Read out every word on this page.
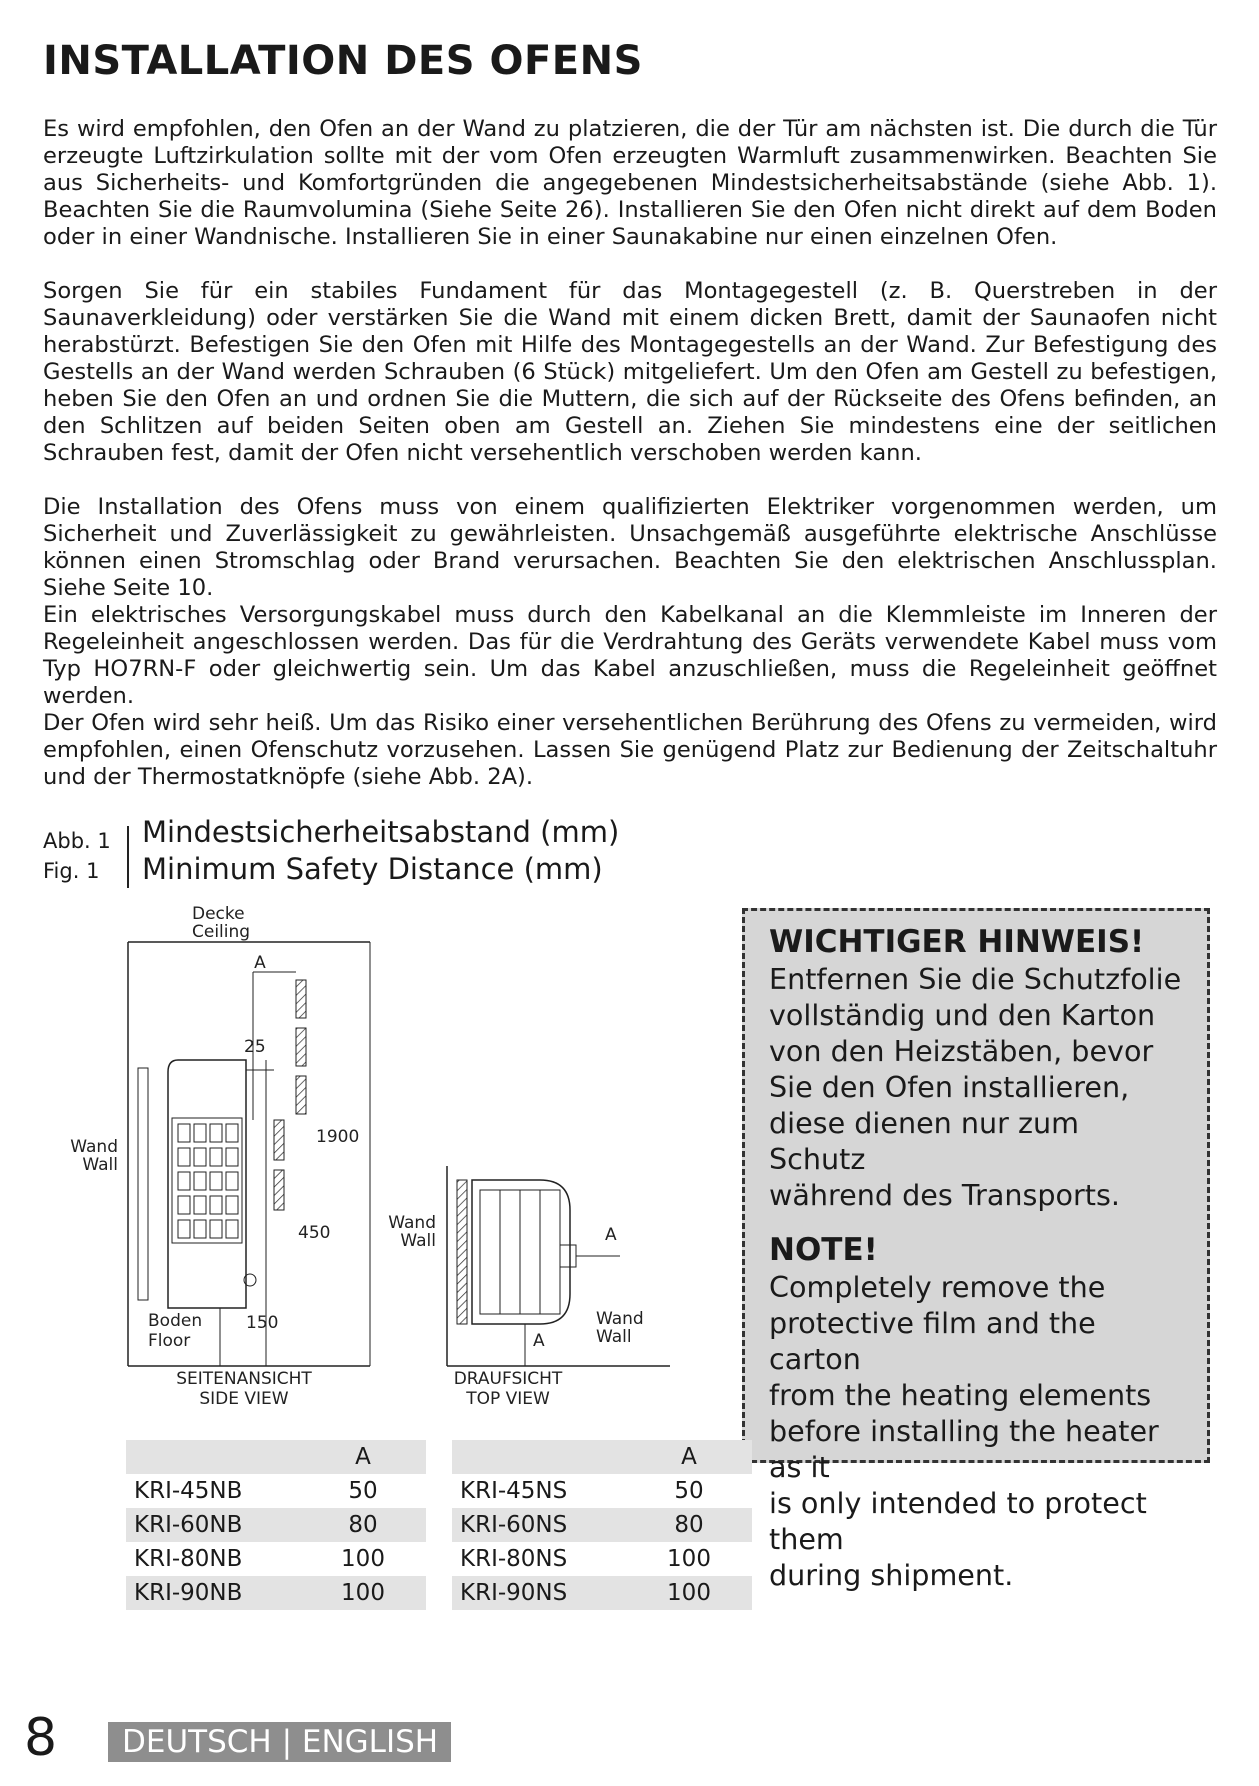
INSTALLATION DES OFENS
Es wird empfohlen, den Ofen an der Wand zu platzieren, die der Tür am nächsten ist. Die durch die Tür erzeugte Luftzirkulation sollte mit der vom Ofen erzeugten Warmluft zusammenwirken. Beachten Sie aus Sicherheits- und Komfortgründen die angegebenen Mindestsicherheitsabstände (siehe Abb. 1). Beachten Sie die Raumvolumina (Siehe Seite 26). Installieren Sie den Ofen nicht direkt auf dem Boden oder in einer Wandnische. Installieren Sie in einer Saunakabine nur einen einzelnen Ofen.
Sorgen Sie für ein stabiles Fundament für das Montagegestell (z. B. Querstreben in der Saunaverkleidung) oder verstärken Sie die Wand mit einem dicken Brett, damit der Saunaofen nicht herabstürzt. Befestigen Sie den Ofen mit Hilfe des Montagegestells an der Wand. Zur Befestigung des Gestells an der Wand werden Schrauben (6 Stück) mitgeliefert. Um den Ofen am Gestell zu befestigen, heben Sie den Ofen an und ordnen Sie die Muttern, die sich auf der Rückseite des Ofens befinden, an den Schlitzen auf beiden Seiten oben am Gestell an. Ziehen Sie mindestens eine der seitlichen Schrauben fest, damit der Ofen nicht versehentlich verschoben werden kann.
Die Installation des Ofens muss von einem qualifizierten Elektriker vorgenommen werden, um Sicherheit und Zuverlässigkeit zu gewährleisten. Unsachgemäß ausgeführte elektrische Anschlüsse können einen Stromschlag oder Brand verursachen. Beachten Sie den elektrischen Anschlussplan. Siehe Seite 10.
Ein elektrisches Versorgungskabel muss durch den Kabelkanal an die Klemmleiste im Inneren der Regeleinheit angeschlossen werden. Das für die Verdrahtung des Geräts verwendete Kabel muss vom Typ HO7RN-F oder gleichwertig sein. Um das Kabel anzuschließen, muss die Regeleinheit geöffnet werden.
Der Ofen wird sehr heiß. Um das Risiko einer versehentlichen Berührung des Ofens zu vermeiden, wird empfohlen, einen Ofenschutz vorzusehen. Lassen Sie genügend Platz zur Bedienung der Zeitschaltuhr und der Thermostatknöpfe (siehe Abb. 2A).
Abb. 1
Fig. 1
Mindestsicherheitsabstand (mm)
Minimum Safety Distance (mm)
Decke
Ceiling
A
25
1900
450
150
Wand
Wall
Boden
Floor
SEITENANSICHT
SIDE VIEW
A
A
Wand
Wall
Wand
Wall
DRAUFSICHT
TOP VIEW
WICHTIGER HINWEIS!
Entfernen Sie die Schutzfolie
vollständig und den Karton
von den Heizstäben, bevor
Sie den Ofen installieren,
diese dienen nur zum Schutz
während des Transports.
NOTE!
Completely remove the
protective film and the carton
from the heating elements
before installing the heater as it
is only intended to protect them
during shipment.
	A
KRI-45NB	50
KRI-60NB	80
KRI-80NB	100
KRI-90NB	100
	A
KRI-45NS	50
KRI-60NS	80
KRI-80NS	100
KRI-90NS	100
8	DEUTSCH | ENGLISH
